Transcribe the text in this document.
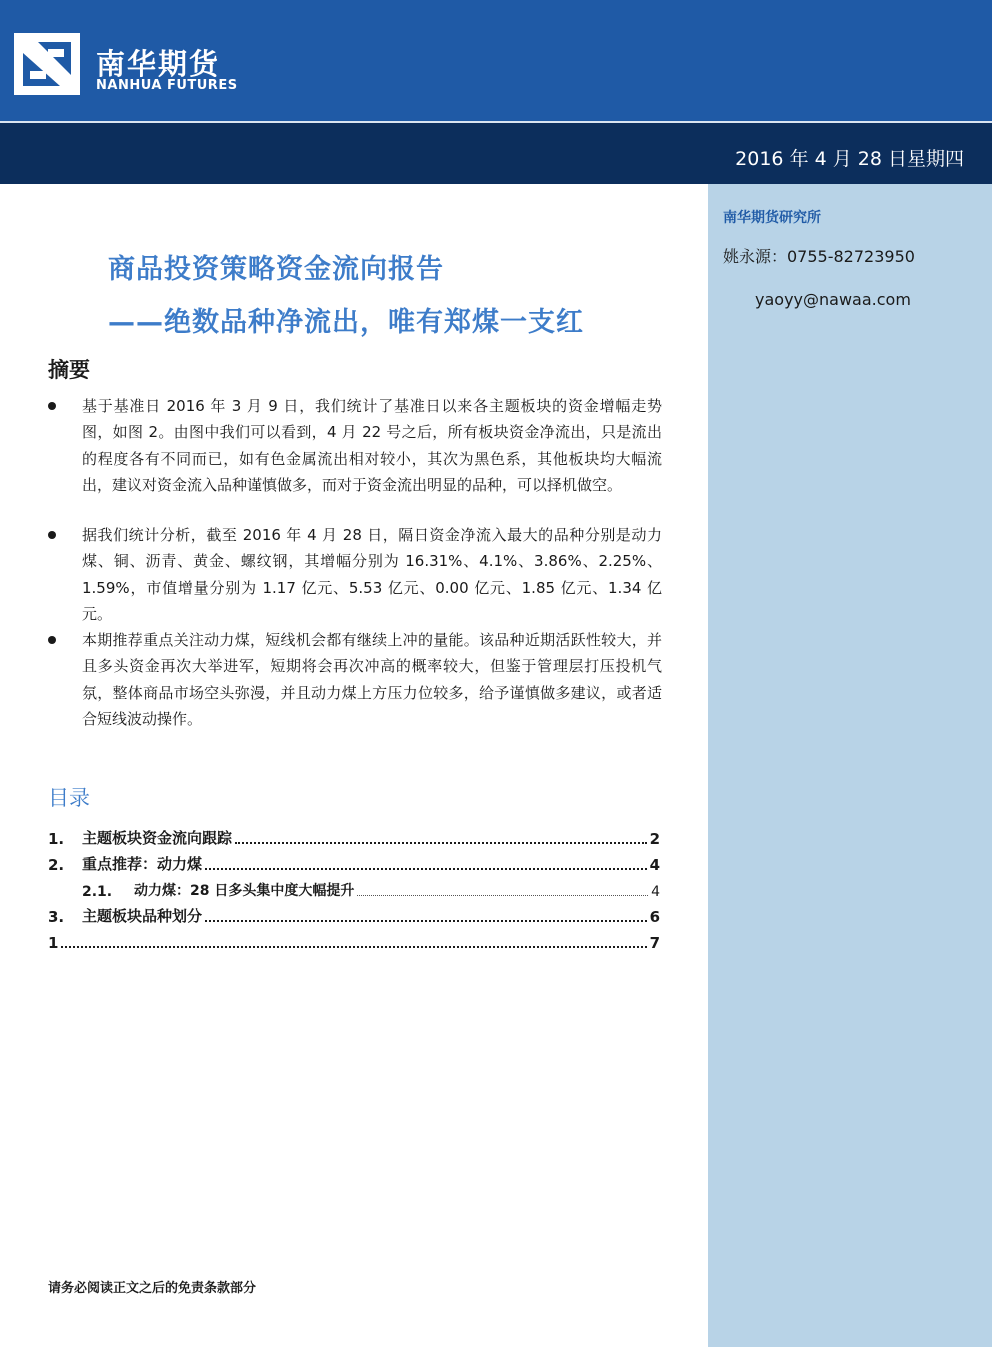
南华期货
NANHUA FUTURES
2016 年 4 月 28 日星期四
南华期货研究所
姚永源：0755-82723950
yaoyy@nawaa.com
商品投资策略资金流向报告
——绝数品种净流出，唯有郑煤一支红
摘要
基于基准日 2016 年 3 月 9 日，我们统计了基准日以来各主题板块的资金增幅走势图，如图 2。由图中我们可以看到，4 月 22 号之后，所有板块资金净流出，只是流出的程度各有不同而已，如有色金属流出相对较小，其次为黑色系，其他板块均大幅流出，建议对资金流入品种谨慎做多，而对于资金流出明显的品种，可以择机做空。
据我们统计分析，截至 2016 年 4 月 28 日，隔日资金净流入最大的品种分别是动力煤、铜、沥青、黄金、螺纹钢，其增幅分别为 16.31%、4.1%、3.86%、2.25%、1.59%，市值增量分别为 1.17 亿元、5.53 亿元、0.00 亿元、1.85 亿元、1.34 亿元。
本期推荐重点关注动力煤，短线机会都有继续上冲的量能。该品种近期活跃性较大，并且多头资金再次大举进军，短期将会再次冲高的概率较大，但鉴于管理层打压投机气氛，整体商品市场空头弥漫，并且动力煤上方压力位较多，给予谨慎做多建议，或者适合短线波动操作。
目录
1.	主题板块资金流向跟踪	2
2.	重点推荐：动力煤	4
2.1.	动力煤：28 日多头集中度大幅提升	4
3.	主题板块品种划分	6
1	7
请务必阅读正文之后的免责条款部分
